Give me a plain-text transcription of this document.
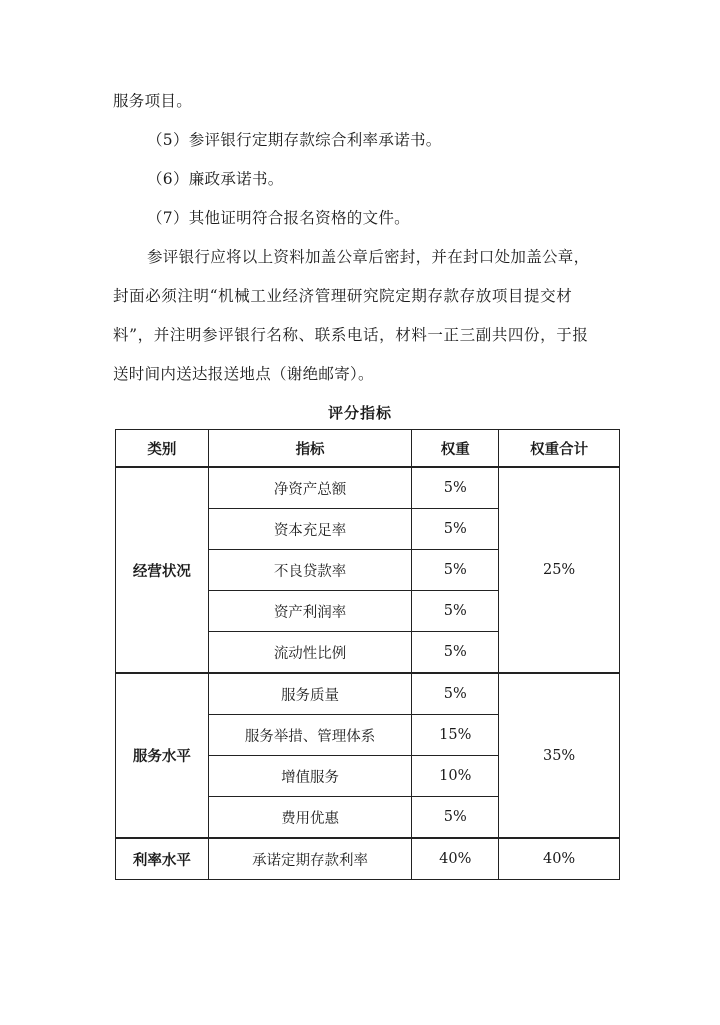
服务项目。
（5）参评银行定期存款综合利率承诺书。
（6）廉政承诺书。
（7）其他证明符合报名资格的文件。
参评银行应将以上资料加盖公章后密封，并在封口处加盖公章，
封面必须注明“机械工业经济管理研究院定期存款存放项目提交材
料”，并注明参评银行名称、联系电话，材料一正三副共四份，于报
送时间内送达报送地点（谢绝邮寄）。
评分指标
类别	指标	权重	权重合计
经营状况	净资产总额	5%	25%
	资本充足率	5%	
	不良贷款率	5%	
	资产利润率	5%	
	流动性比例	5%	
服务水平	服务质量	5%	35%
	服务举措、管理体系	15%	
	增值服务	10%	
	费用优惠	5%	
利率水平	承诺定期存款利率	40%	40%
